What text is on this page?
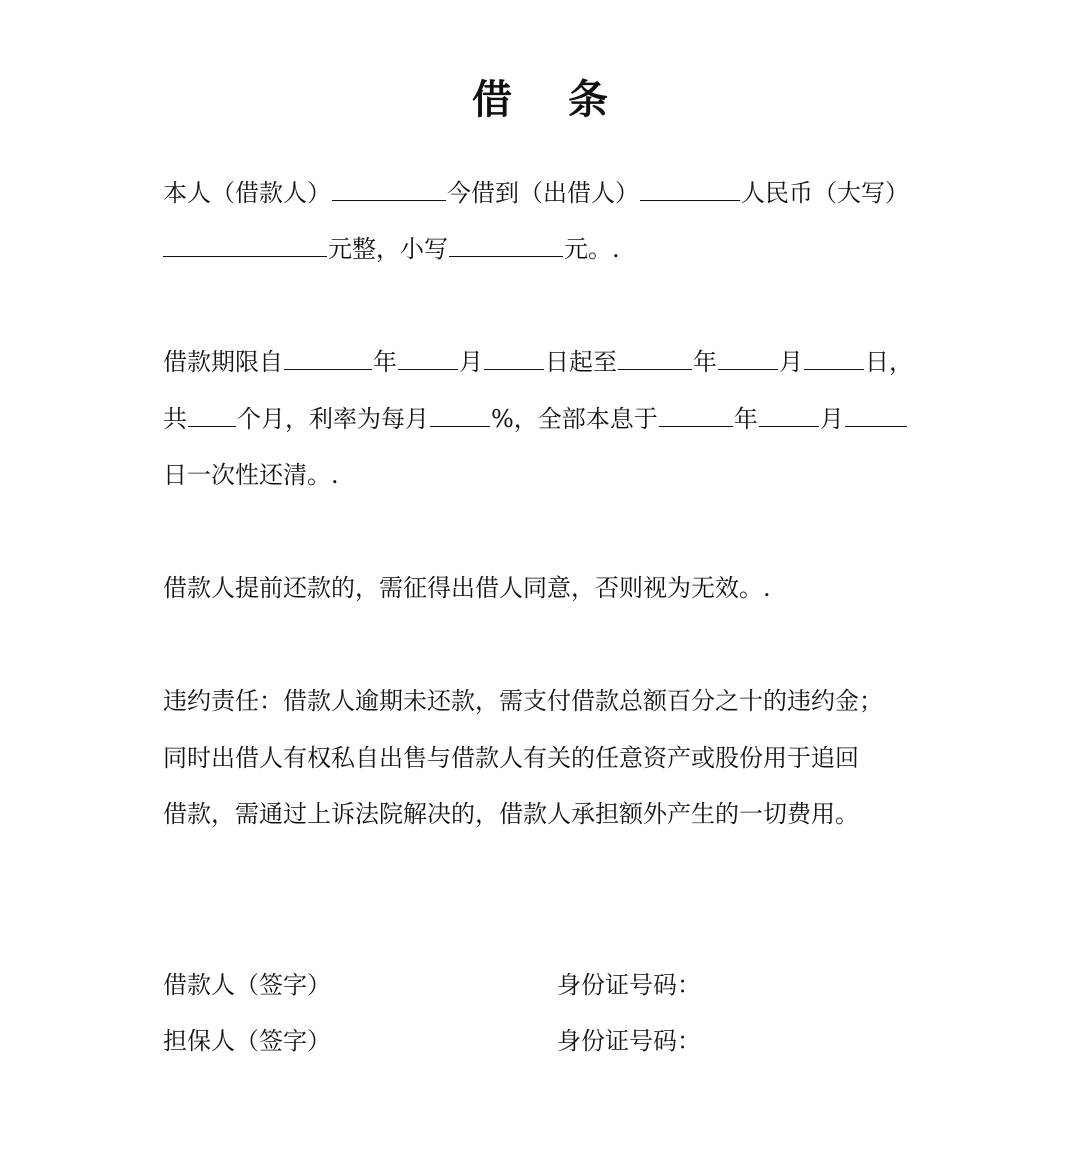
借 条
本人（借款人）	今借到（出借人）	人民币（大写）
元整，小写	元。.
借款期限自	年	月	日起至	年	月	日，
共 个月，利率为每月	%，全部本息于	年	月
日一次性还清。.
借款人提前还款的，需征得出借人同意，否则视为无效。.
违约责任：借款人逾期未还款，需支付借款总额百分之十的违约金；
同时出借人有权私自出售与借款人有关的任意资产或股份用于追回
借款，需通过上诉法院解决的，借款人承担额外产生的一切费用。
借款人（签字）	身份证号码：
担保人（签字）	身份证号码：
